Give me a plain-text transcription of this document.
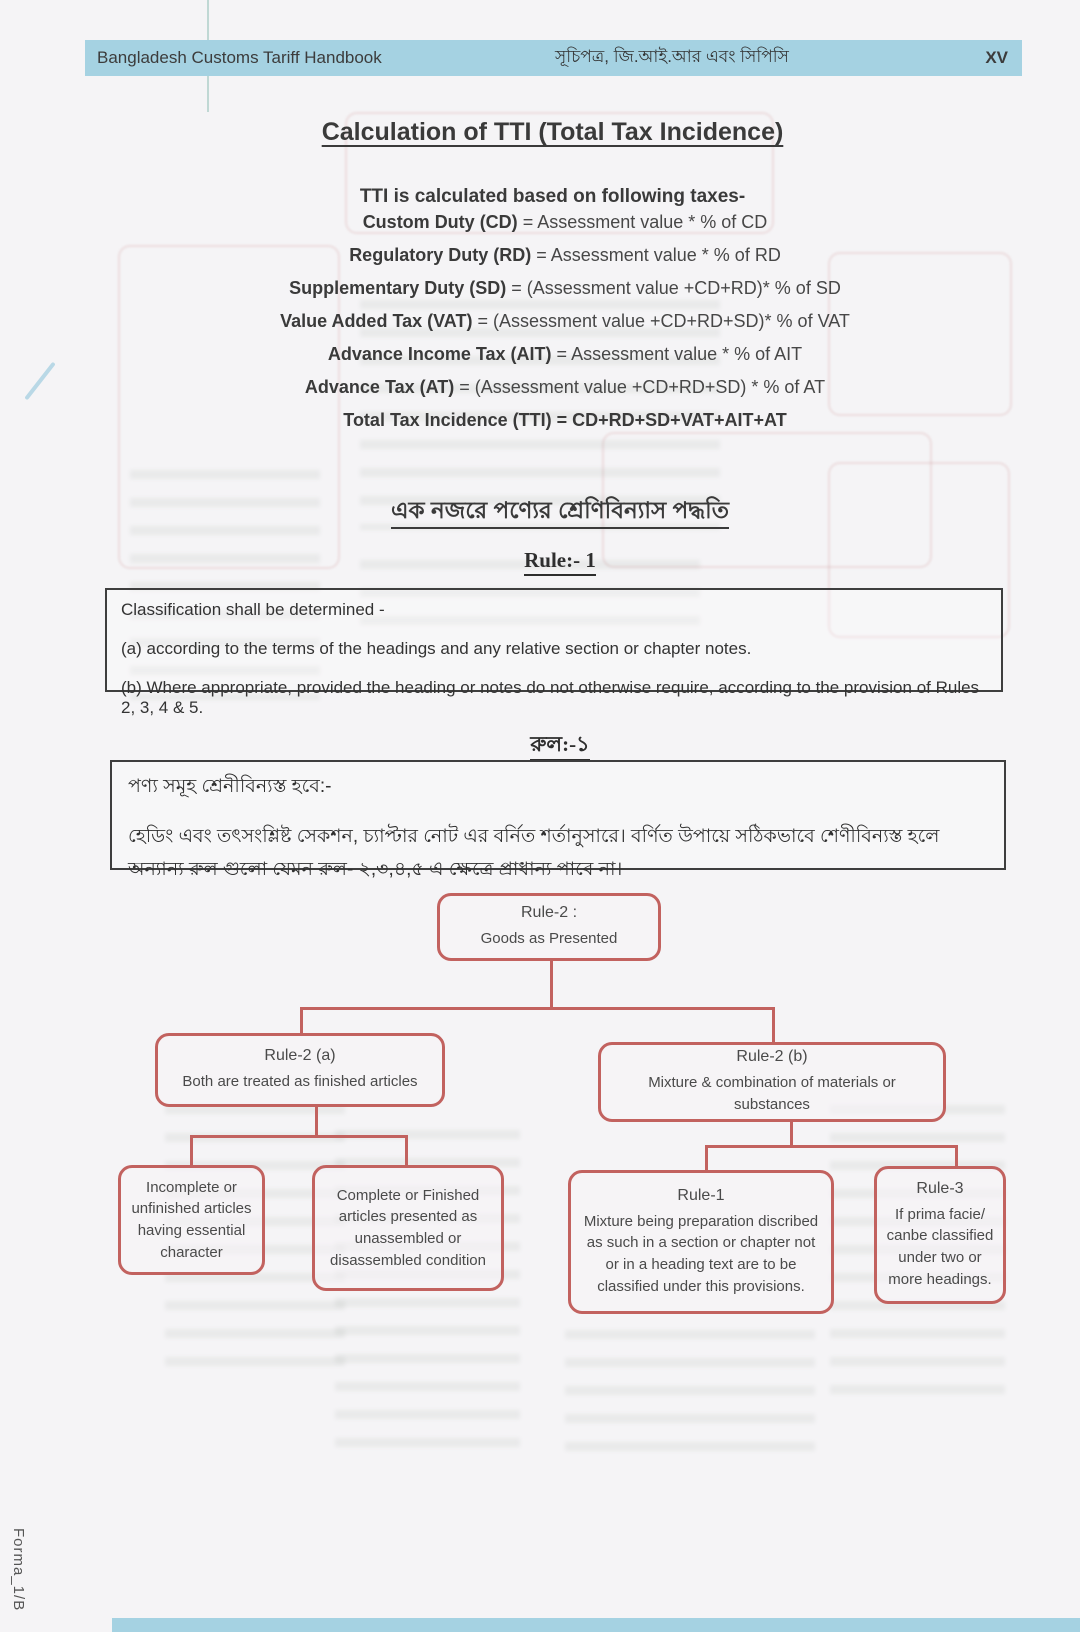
Bangladesh Customs Tariff Handbook	সূচিপত্র, জি.আই.আর এবং সিপিসি	XV
Calculation of TTI (Total Tax Incidence)
TTI is calculated based on following taxes-
Custom Duty (CD) = Assessment value * % of CD
Regulatory Duty (RD) = Assessment value * % of RD
Supplementary Duty (SD) = (Assessment value +CD+RD)* % of SD
Value Added Tax (VAT) = (Assessment value +CD+RD+SD)* % of VAT
Advance Income Tax (AIT) = Assessment value * % of AIT
Advance Tax (AT) = (Assessment value +CD+RD+SD) * % of AT
Total Tax Incidence (TTI) = CD+RD+SD+VAT+AIT+AT
এক নজরে পণ্যের শ্রেণিবিন্যাস পদ্ধতি
Rule:- 1
Classification shall be determined -
(a) according to the terms of the headings and any relative section or chapter notes.
(b) Where appropriate, provided the heading or notes do not otherwise require, according to the provision of Rules 2, 3, 4 & 5.
রুল:-১
পণ্য সমূহ শ্রেনীবিন্যস্ত হবে:-
হেডিং এবং তৎসংশ্লিষ্ট সেকশন, চ্যাপ্টার নোট এর বর্নিত শর্তানুসারে। বর্ণিত উপায়ে সঠিকভাবে শেণীবিন্যস্ত হলে অন্যান্য রুল গুলো যেমন রুল- ২,৩,৪,৫ এ ক্ষেত্রে প্রাধান্য পাবে না।
Rule-2 :
Goods as Presented
Rule-2 (a)
Both are treated as finished articles
Rule-2 (b)
Mixture & combination of materials or substances
Incomplete or unfinished articles having essential character
Complete or Finished articles presented as unassembled or disassembled condition
Rule-1
Mixture being preparation discribed as such in a section or chapter not or in a heading text are to be classified under this provisions.
Rule-3
If prima facie/ canbe classified under two or more headings.
Forma_1/B
